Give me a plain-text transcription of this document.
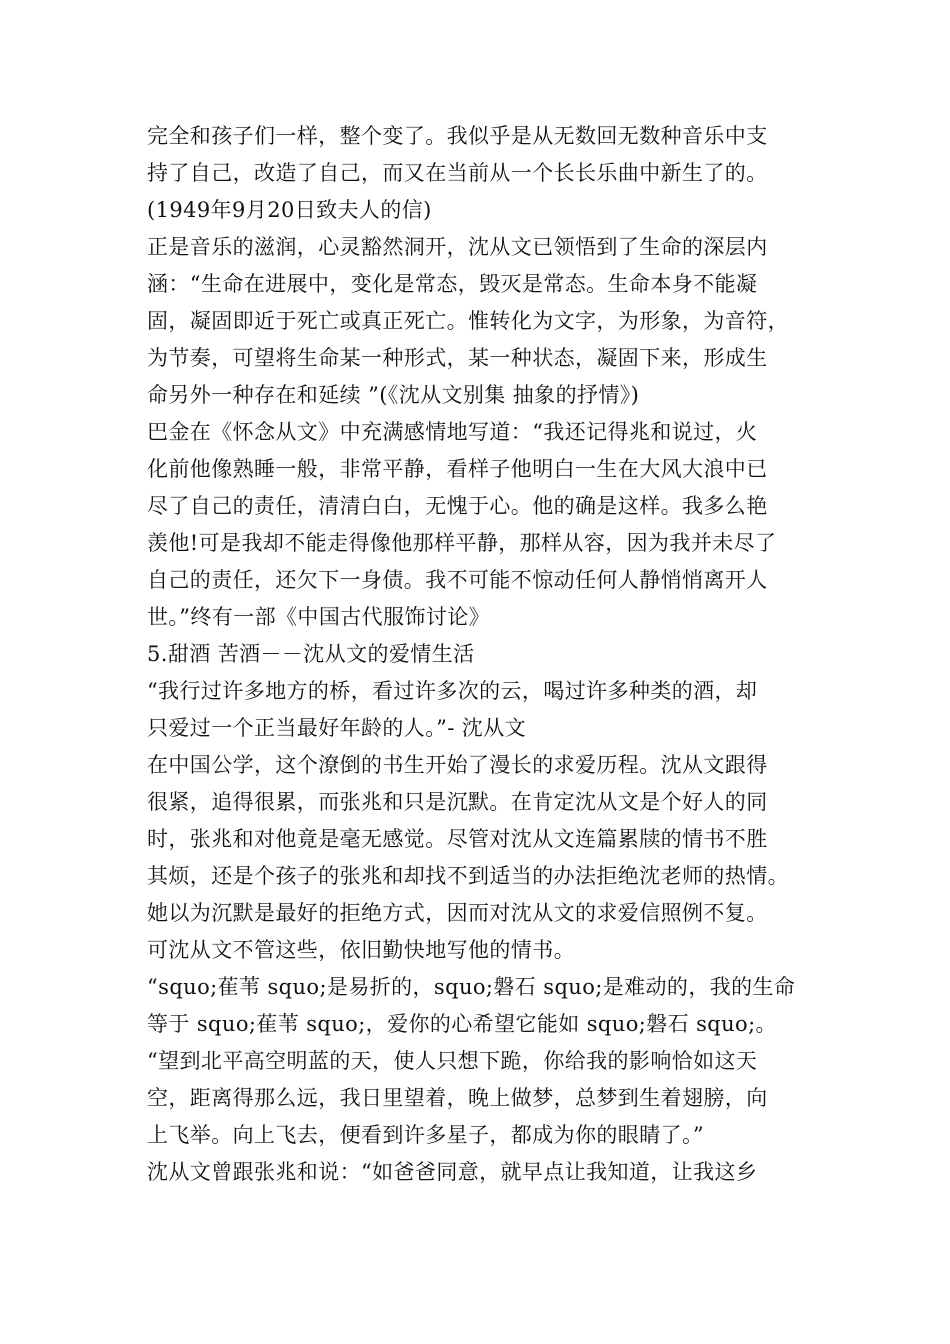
完全和孩子们一样，整个变了。我似乎是从无数回无数种音乐中支
持了自己，改造了自己，而又在当前从一个长长乐曲中新生了的。
(1949年9月20日致夫人的信)
正是音乐的滋润，心灵豁然洞开，沈从文已领悟到了生命的深层内
涵：“生命在进展中，变化是常态，毁灭是常态。生命本身不能凝
固，凝固即近于死亡或真正死亡。惟转化为文字，为形象，为音符，
为节奏，可望将生命某一种形式，某一种状态，凝固下来，形成生
命另外一种存在和延续 ”(《沈从文别集 抽象的抒情》)
巴金在《怀念从文》中充满感情地写道：“我还记得兆和说过，火
化前他像熟睡一般，非常平静，看样子他明白一生在大风大浪中已
尽了自己的责任，清清白白，无愧于心。他的确是这样。我多么艳
羡他!可是我却不能走得像他那样平静，那样从容，因为我并未尽了
自己的责任，还欠下一身债。我不可能不惊动任何人静悄悄离开人
世。”终有一部《中国古代服饰讨论》
5.甜酒 苦酒－－沈从文的爱情生活
“我行过许多地方的桥，看过许多次的云，喝过许多种类的酒，却
只爱过一个正当最好年龄的人。”- 沈从文
在中国公学，这个潦倒的书生开始了漫长的求爱历程。沈从文跟得
很紧，追得很累，而张兆和只是沉默。在肯定沈从文是个好人的同
时，张兆和对他竟是毫无感觉。尽管对沈从文连篇累牍的情书不胜
其烦，还是个孩子的张兆和却找不到适当的办法拒绝沈老师的热情。
她以为沉默是最好的拒绝方式，因而对沈从文的求爱信照例不复。
可沈从文不管这些，依旧勤快地写他的情书。
“squo;萑苇 squo;是易折的，squo;磐石 squo;是难动的，我的生命
等于 squo;萑苇 squo;，爱你的心希望它能如 squo;磐石 squo;。
“望到北平高空明蓝的天，使人只想下跪，你给我的影响恰如这天
空，距离得那么远，我日里望着，晚上做梦，总梦到生着翅膀，向
上飞举。向上飞去，便看到许多星子，都成为你的眼睛了。”
沈从文曾跟张兆和说：“如爸爸同意，就早点让我知道，让我这乡
